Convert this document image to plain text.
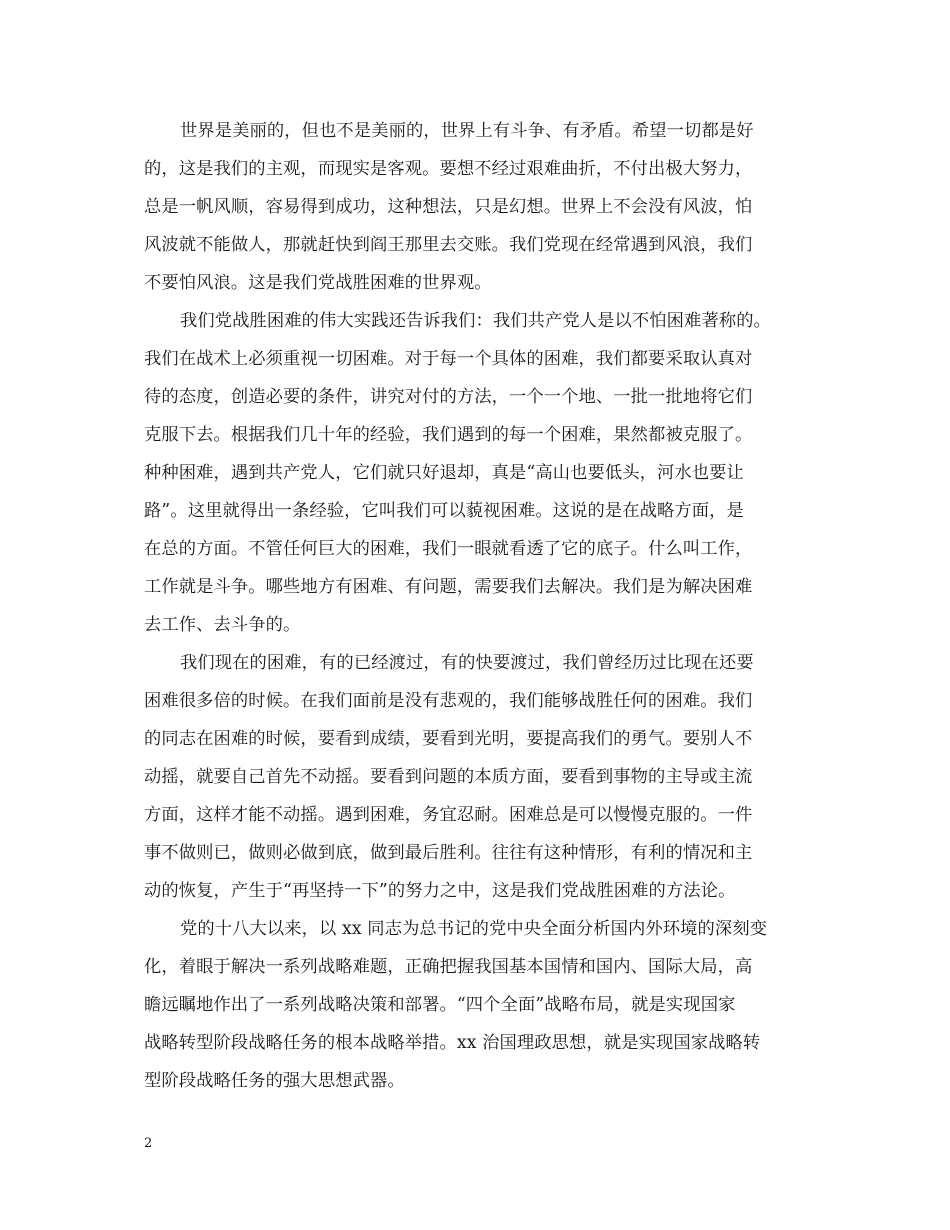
世界是美丽的，但也不是美丽的，世界上有斗争、有矛盾。希望一切都是好
的，这是我们的主观，而现实是客观。要想不经过艰难曲折，不付出极大努力，
总是一帆风顺，容易得到成功，这种想法，只是幻想。世界上不会没有风波，怕
风波就不能做人，那就赶快到阎王那里去交账。我们党现在经常遇到风浪，我们
不要怕风浪。这是我们党战胜困难的世界观。
我们党战胜困难的伟大实践还告诉我们：我们共产党人是以不怕困难著称的。
我们在战术上必须重视一切困难。对于每一个具体的困难，我们都要采取认真对
待的态度，创造必要的条件，讲究对付的方法，一个一个地、一批一批地将它们
克服下去。根据我们几十年的经验，我们遇到的每一个困难，果然都被克服了。
种种困难，遇到共产党人，它们就只好退却，真是“高山也要低头，河水也要让
路”。这里就得出一条经验，它叫我们可以藐视困难。这说的是在战略方面，是
在总的方面。不管任何巨大的困难，我们一眼就看透了它的底子。什么叫工作，
工作就是斗争。哪些地方有困难、有问题，需要我们去解决。我们是为解决困难
去工作、去斗争的。
我们现在的困难，有的已经渡过，有的快要渡过，我们曾经历过比现在还要
困难很多倍的时候。在我们面前是没有悲观的，我们能够战胜任何的困难。我们
的同志在困难的时候，要看到成绩，要看到光明，要提高我们的勇气。要别人不
动摇，就要自己首先不动摇。要看到问题的本质方面，要看到事物的主导或主流
方面，这样才能不动摇。遇到困难，务宜忍耐。困难总是可以慢慢克服的。一件
事不做则已，做则必做到底，做到最后胜利。往往有这种情形，有利的情况和主
动的恢复，产生于“再坚持一下”的努力之中，这是我们党战胜困难的方法论。
党的十八大以来，以 xx 同志为总书记的党中央全面分析国内外环境的深刻变
化，着眼于解决一系列战略难题，正确把握我国基本国情和国内、国际大局，高
瞻远瞩地作出了一系列战略决策和部署。“四个全面”战略布局，就是实现国家
战略转型阶段战略任务的根本战略举措。xx 治国理政思想，就是实现国家战略转
型阶段战略任务的强大思想武器。
2
